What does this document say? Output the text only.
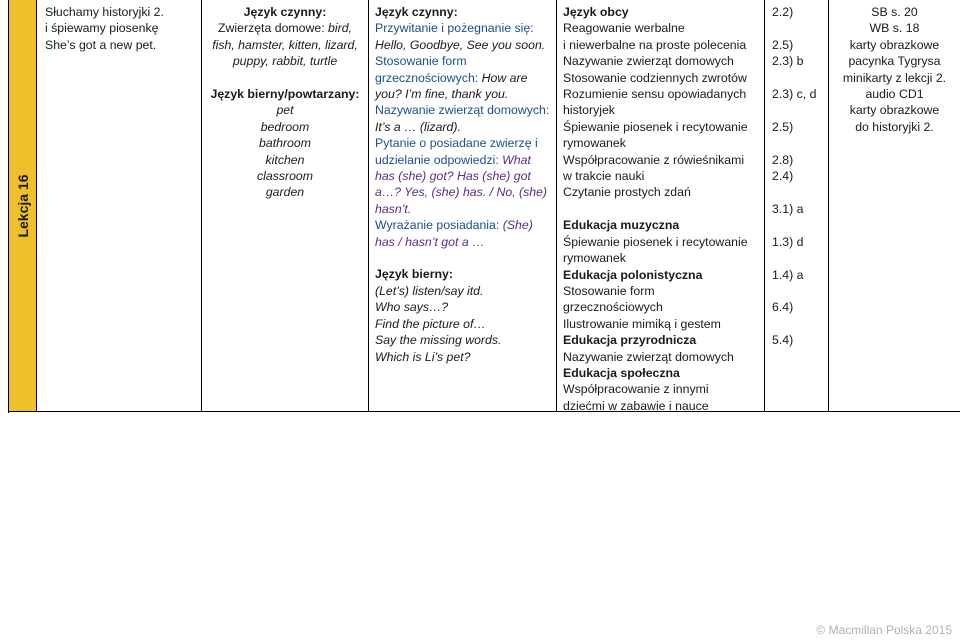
Lekcja 16
Słuchamy historyjki 2.
i śpiewamy piosenkę
She’s got a new pet.
Język czynny:
Zwierzęta domowe: bird,
fish, hamster, kitten, lizard,
puppy, rabbit, turtle
Język bierny/powtarzany:
pet
bedroom
bathroom
kitchen
classroom
garden
Język czynny:
Przywitanie i pożegnanie się:
Hello, Goodbye, See you soon.
Stosowanie form
grzecznościowych: How are
you? I’m fine, thank you.
Nazywanie zwierząt domowych:
It’s a … (lizard).
Pytanie o posiadane zwierzę i
udzielanie odpowiedzi: What
has (she) got? Has (she) got
a…? Yes, (she) has. / No, (she)
hasn’t.
Wyrażanie posiadania: (She)
has / hasn’t got a …
Język bierny:
(Let’s) listen/say itd.
Who says…?
Find the picture of…
Say the missing words.
Which is Li’s pet?
Język obcy
Reagowanie werbalne
i niewerbalne na proste polecenia
Nazywanie zwierząt domowych
Stosowanie codziennych zwrotów
Rozumienie sensu opowiadanych
historyjek
Śpiewanie piosenek i recytowanie
rymowanek
Współpracowanie z rówieśnikami
w trakcie nauki
Czytanie prostych zdań

Edukacja muzyczna
Śpiewanie piosenek i recytowanie
rymowanek
Edukacja polonistyczna
Stosowanie form
grzecznościowych
Ilustrowanie mimiką i gestem
Edukacja przyrodnicza
Nazywanie zwierząt domowych
Edukacja społeczna
Współpracowanie z innymi
dziećmi w zabawie i nauce
2.2)

2.5)
2.3) b

2.3) c, d

2.5)

2.8)
2.4)

3.1) a

1.3) d

1.4) a

6.4)

5.4)
SB s. 20
WB s. 18
karty obrazkowe
pacynka Tygrysa
minikarty z lekcji 2.
audio CD1
karty obrazkowe
do historyjki 2.
© Macmillan Polska 2015
